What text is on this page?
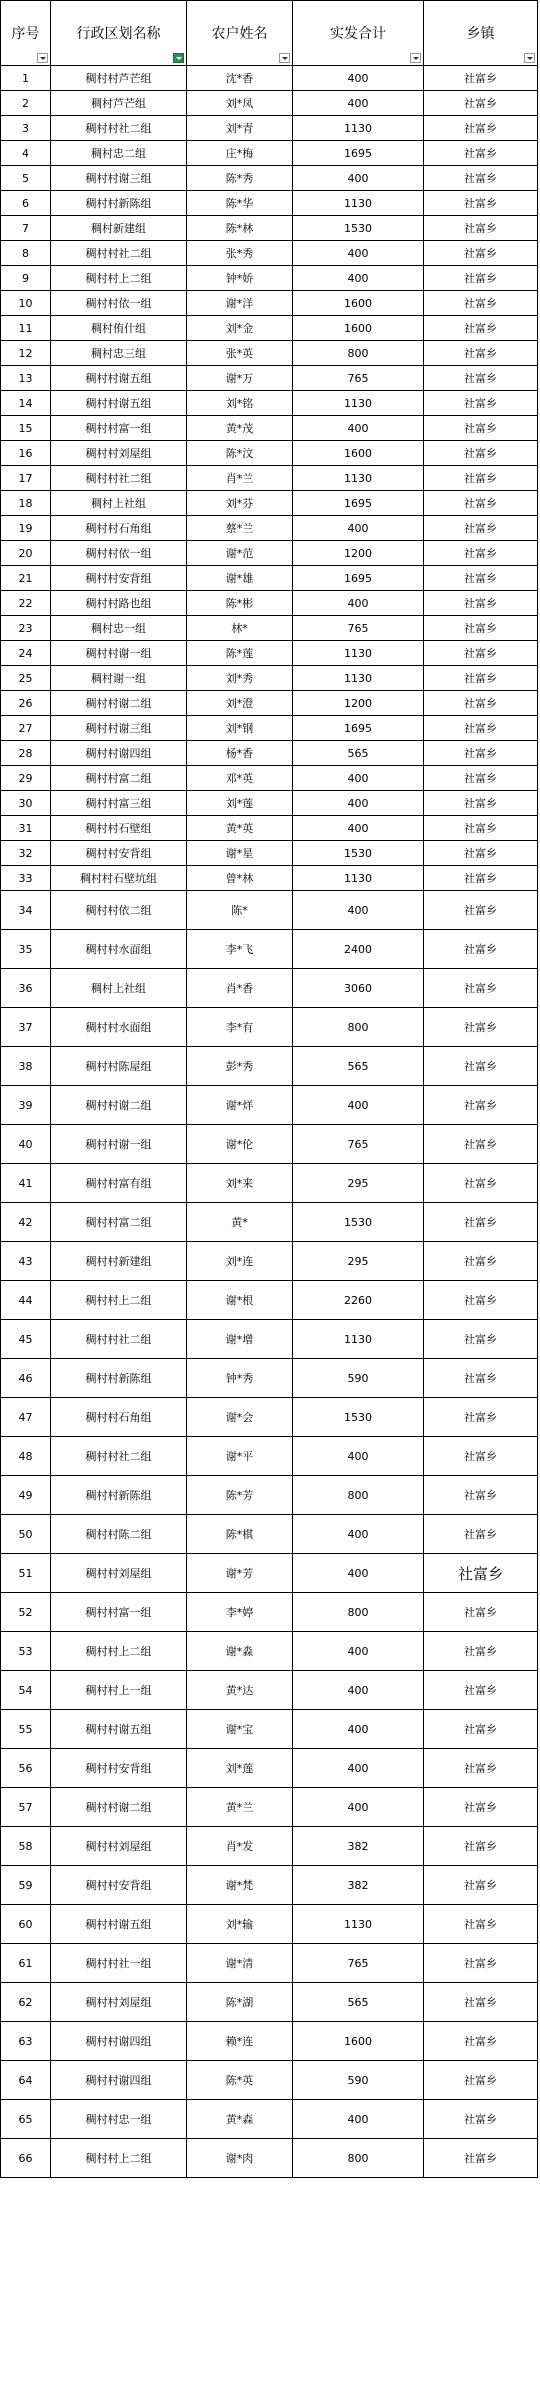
序号	行政区划名称	农户姓名	实发合计	乡镇

1	稠村村芦芒组	沈*香	400	社富乡
2	稠村芦芒组	刘*凤	400	社富乡
3	稠村村社二组	刘*青	1130	社富乡
4	稠村忠二组	庄*梅	1695	社富乡
5	稠村村谢三组	陈*秀	400	社富乡
6	稠村村新陈组	陈*华	1130	社富乡
7	稠村新建组	陈*林	1530	社富乡
8	稠村村社二组	张*秀	400	社富乡
9	稠村村上二组	钟*娇	400	社富乡
10	稠村村依一组	谢*洋	1600	社富乡
11	稠村侑什组	刘*金	1600	社富乡
12	稠村忠三组	张*英	800	社富乡
13	稠村村谢五组	谢*万	765	社富乡
14	稠村村谢五组	刘*铭	1130	社富乡
15	稠村村富一组	黄*茂	400	社富乡
16	稠村村刘屋组	陈*汶	1600	社富乡
17	稠村村社二组	肖*兰	1130	社富乡
18	稠村上社组	刘*芬	1695	社富乡
19	稠村村石角组	蔡*兰	400	社富乡
20	稠村村依一组	谢*范	1200	社富乡
21	稠村村安背组	谢*雄	1695	社富乡
22	稠村村路也组	陈*彬	400	社富乡
23	稠村忠一组	林*	765	社富乡
24	稠村村谢一组	陈*莲	1130	社富乡
25	稠村谢一组	刘*秀	1130	社富乡
26	稠村村谢二组	刘*澄	1200	社富乡
27	稠村村谢三组	刘*钢	1695	社富乡
28	稠村村谢四组	杨*香	565	社富乡
29	稠村村富二组	邓*英	400	社富乡
30	稠村村富三组	刘*莲	400	社富乡
31	稠村村石壁组	黄*英	400	社富乡
32	稠村村安背组	谢*星	1530	社富乡
33	稠村村石壁坑组	曾*林	1130	社富乡
34	稠村村依二组	陈*	400	社富乡
35	稠村村水面组	李*飞	2400	社富乡
36	稠村上社组	肖*香	3060	社富乡
37	稠村村水面组	李*有	800	社富乡
38	稠村村陈屋组	彭*秀	565	社富乡
39	稠村村谢二组	谢*烊	400	社富乡
40	稠村村谢一组	谢*伦	765	社富乡
41	稠村村富有组	刘*来	295	社富乡
42	稠村村富二组	黄*	1530	社富乡
43	稠村村新建组	刘*连	295	社富乡
44	稠村村上二组	谢*根	2260	社富乡
45	稠村村社二组	谢*增	1130	社富乡
46	稠村村新陈组	钟*秀	590	社富乡
47	稠村村石角组	谢*会	1530	社富乡
48	稠村村社二组	谢*平	400	社富乡
49	稠村村新陈组	陈*芳	800	社富乡
50	稠村村陈二组	陈*棋	400	社富乡
51	稠村村刘屋组	谢*芳	400	社富乡
52	稠村村富一组	李*婷	800	社富乡
53	稠村村上二组	谢*淼	400	社富乡
54	稠村村上一组	黄*达	400	社富乡
55	稠村村谢五组	谢*宝	400	社富乡
56	稠村村安背组	刘*莲	400	社富乡
57	稠村村谢二组	黄*兰	400	社富乡
58	稠村村刘屋组	肖*发	382	社富乡
59	稠村村安背组	谢*梵	382	社富乡
60	稠村村谢五组	刘*输	1130	社富乡
61	稠村村社一组	谢*清	765	社富乡
62	稠村村刘屋组	陈*湖	565	社富乡
63	稠村村谢四组	赖*连	1600	社富乡
64	稠村村谢四组	陈*英	590	社富乡
65	稠村村忠一组	黄*森	400	社富乡
66	稠村村上二组	谢*肉	800	社富乡
